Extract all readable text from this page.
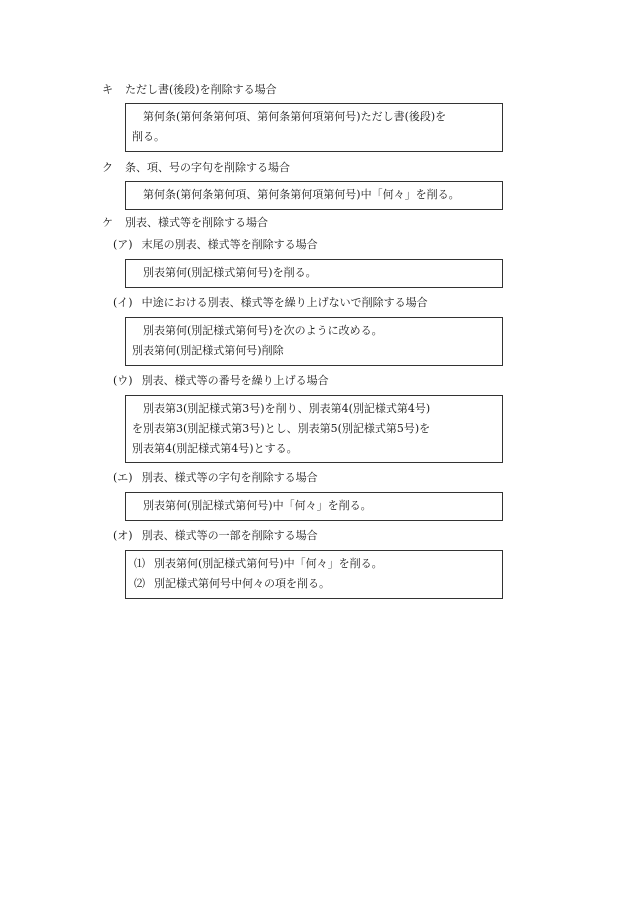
キ ただし書(後段)を削除する場合

第何条(第何条第何項、第何条第何項第何号)ただし書(後段)を

削る。

ク 条、項、号の字句を削除する場合

第何条(第何条第何項、第何条第何項第何号)中「何々」を削る。

ケ 別表、様式等を削除する場合
(ア) 末尾の別表、様式等を削除する場合

別表第何(別記様式第何号)を削る。

(イ) 中途における別表、様式等を繰り上げないで削除する場合

別表第何(別記様式第何号)を次のように改める。

別表第何(別記様式第何号)削除

(ウ) 別表、様式等の番号を繰り上げる場合

別表第3(別記様式第3号)を削り、別表第4(別記様式第4号)

を別表第3(別記様式第3号)とし、別表第5(別記様式第5号)を

別表第4(別記様式第4号)とする。

(エ) 別表、様式等の字句を削除する場合

別表第何(別記様式第何号)中「何々」を削る。

(オ) 別表、様式等の一部を削除する場合

⑴ 別表第何(別記様式第何号)中「何々」を削る。

⑵ 別記様式第何号中何々の項を削る。
